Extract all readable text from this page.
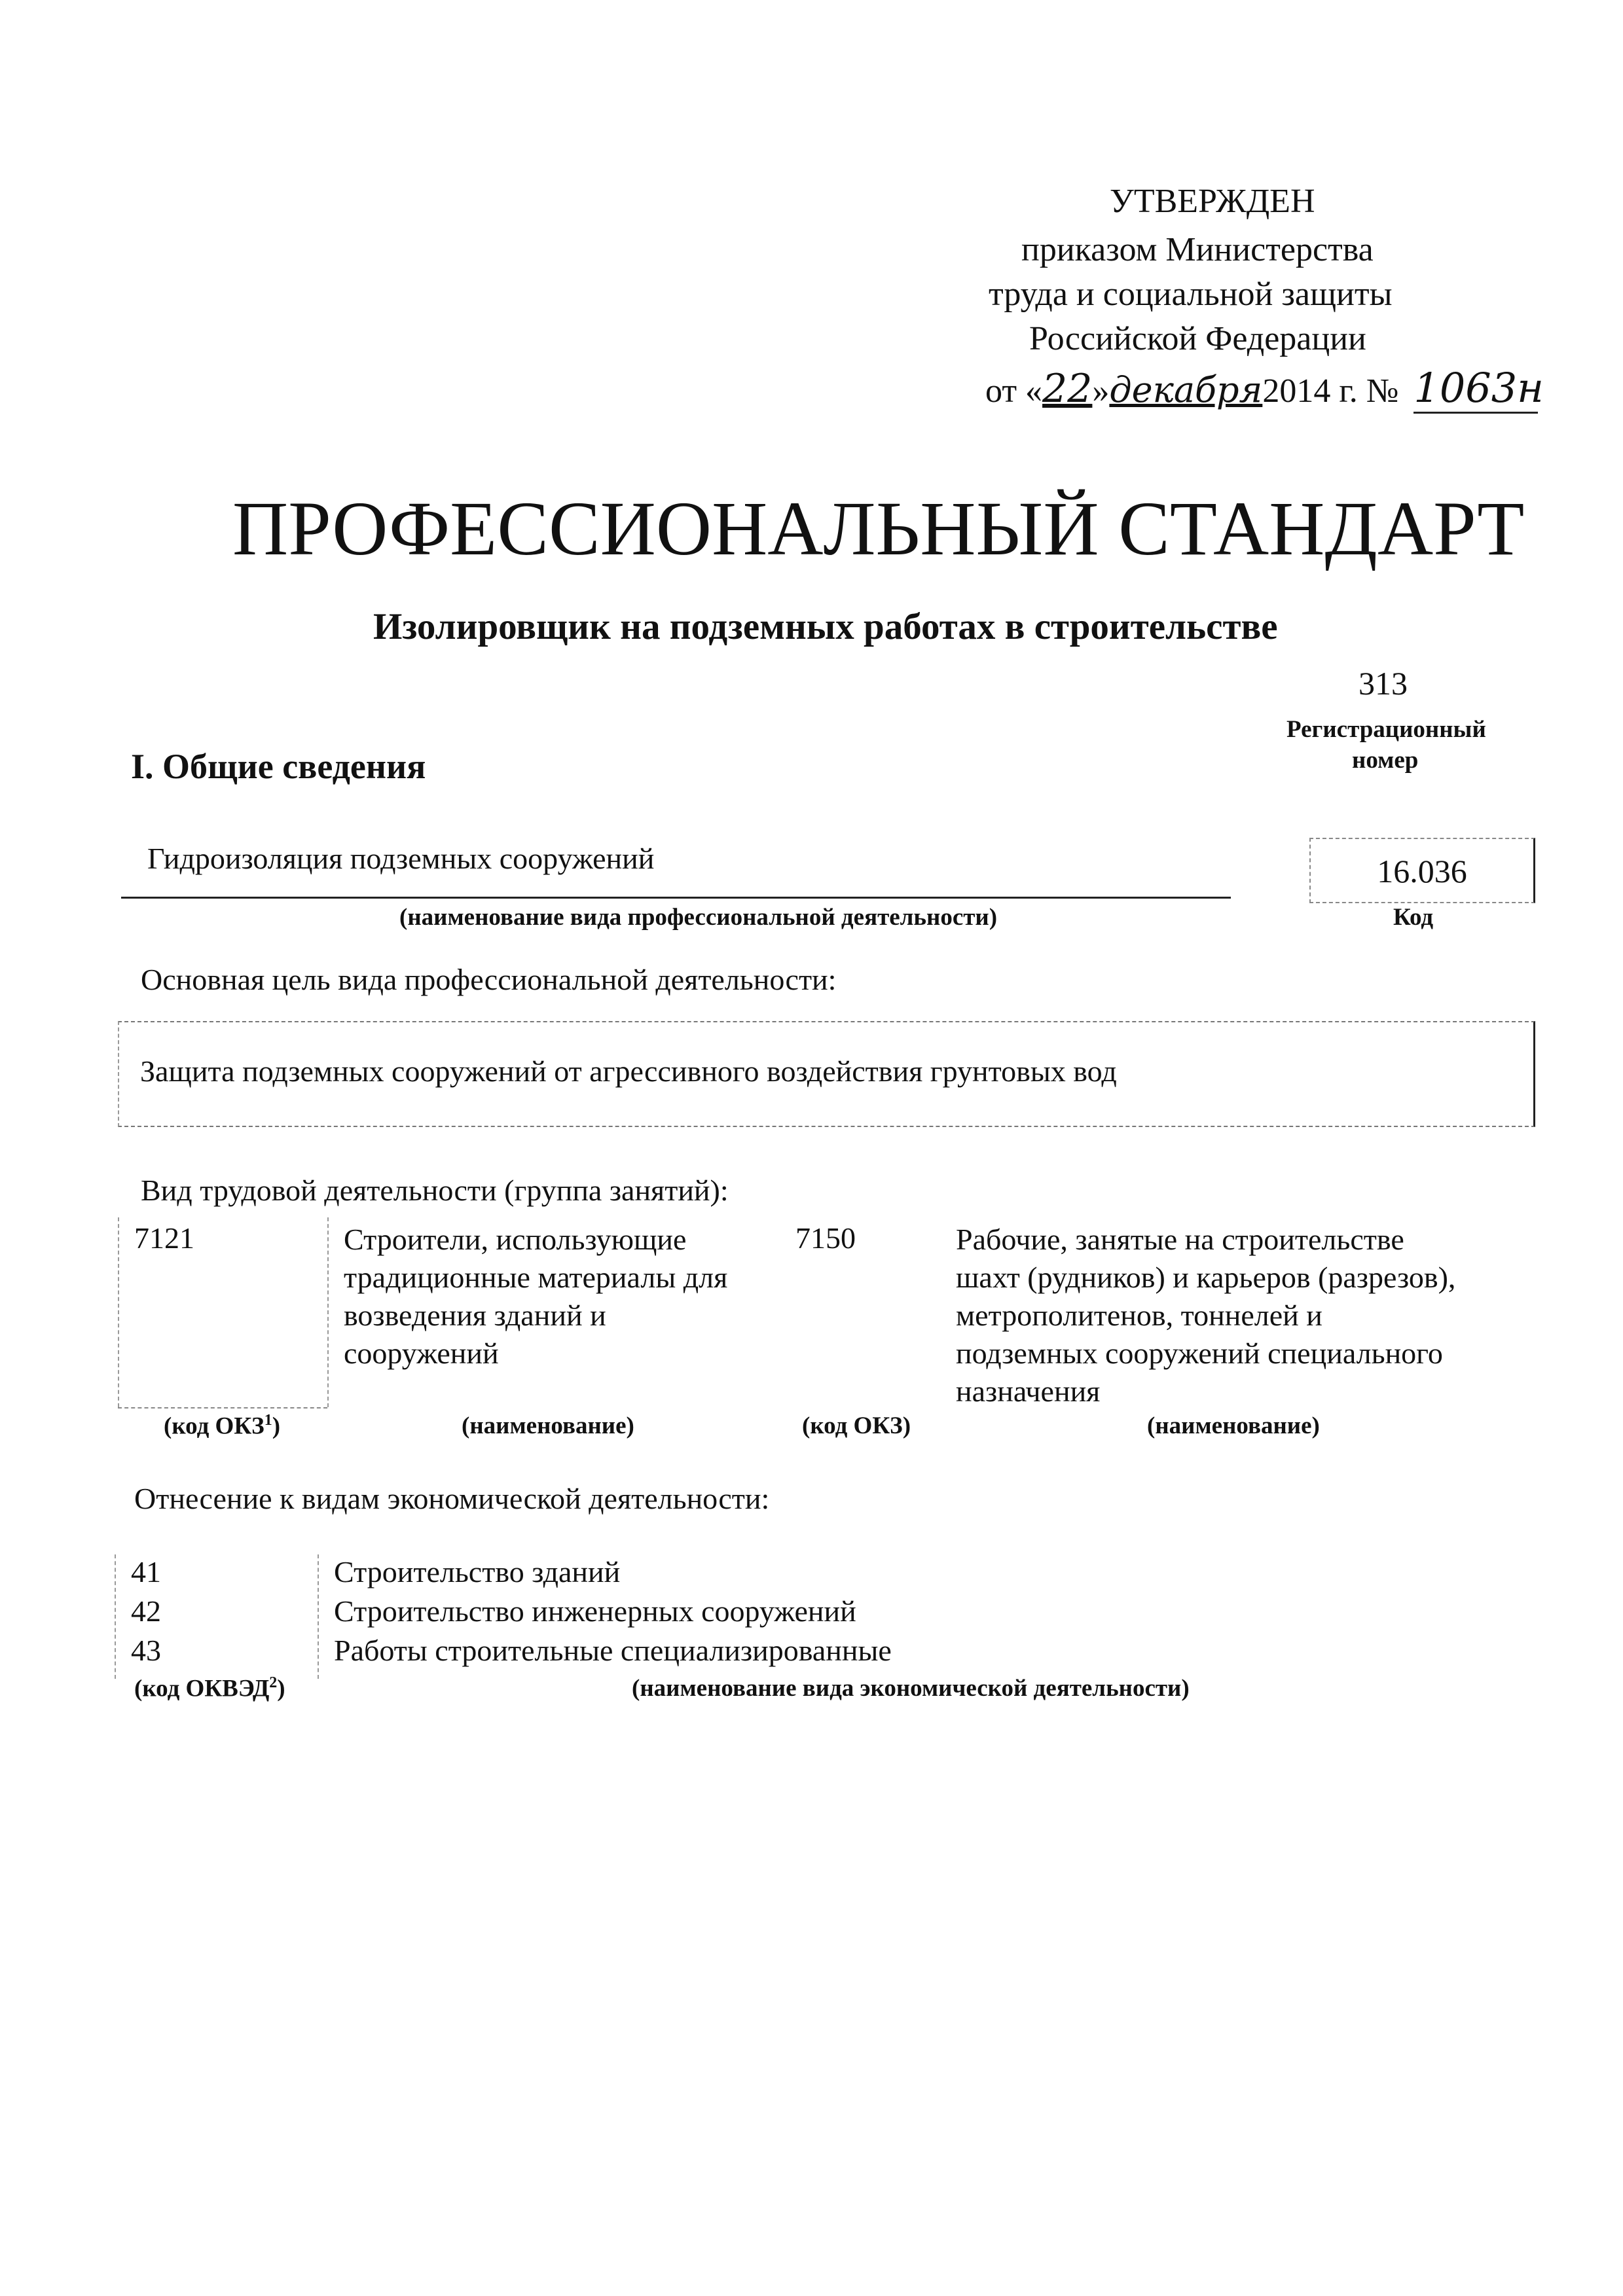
УТВЕРЖДЕН
приказом Министерства
труда и социальной защиты
Российской Федерации
от «22»декабря2014 г. № 1063н
ПРОФЕССИОНАЛЬНЫЙ СТАНДАРТ
Изолировщик на подземных работах в строительстве
313
Регистрационный
номер
I. Общие сведения
Гидроизоляция подземных сооружений
(наименование вида профессиональной деятельности)
16.036
Код
Основная цель вида профессиональной деятельности:
Защита подземных сооружений от агрессивного воздействия грунтовых вод
Вид трудовой деятельности (группа занятий):
7121	Строители, использующие
традиционные материалы для
возведения зданий и
сооружений
7150	Рабочие, занятые на строительстве
шахт (рудников) и карьеров (разрезов),
метрополитенов, тоннелей и
подземных сооружений специального
назначения
(код ОКЗ$^1$)	(наименование)	(код ОКЗ)	(наименование)
Отнесение к видам экономической деятельности:
41	Строительство зданий
42	Строительство инженерных сооружений
43	Работы строительные специализированные
(код ОКВЭД$^2$)	(наименование вида экономической деятельности)
